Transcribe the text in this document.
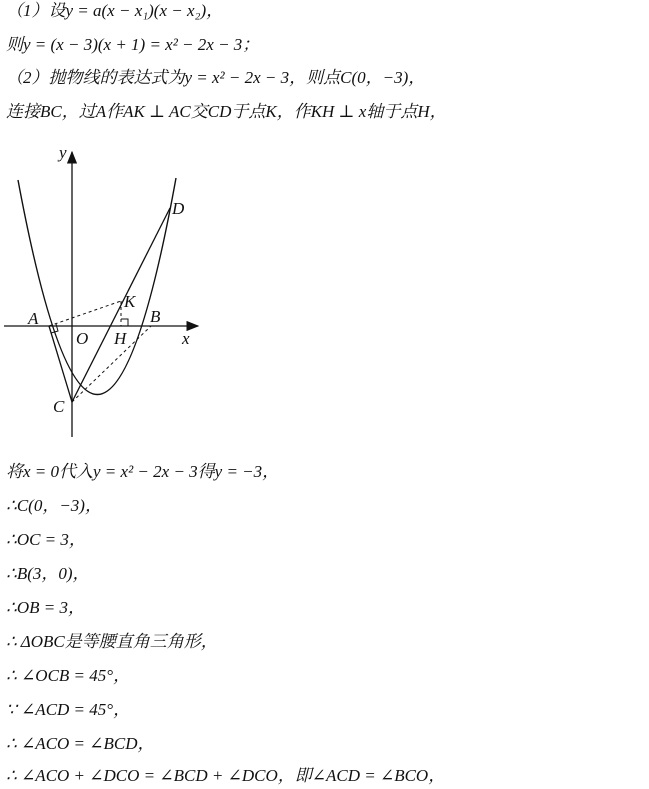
（1）设y = a(x − x₁)(x − x₂)，
则y = (x − 3)(x + 1) = x² − 2x − 3；
（2）抛物线的表达式为y = x² − 2x − 3，则点C(0，−3)，
连接BC，过A作AK ⊥ AC交CD于点K，作KH ⊥ x轴于点H，
y
x
A
O
B
C
D
K
H
将x = 0代入y = x² − 2x − 3得y = −3，
∴C(0，−3)，
∴OC = 3，
∴B(3，0)，
∴OB = 3，
∴ ΔOBC是等腰直角三角形，
∴ ∠OCB = 45°，
∵ ∠ACD = 45°，
∴ ∠ACO = ∠BCD，
∴ ∠ACO + ∠DCO = ∠BCD + ∠DCO，即∠ACD = ∠BCO，
